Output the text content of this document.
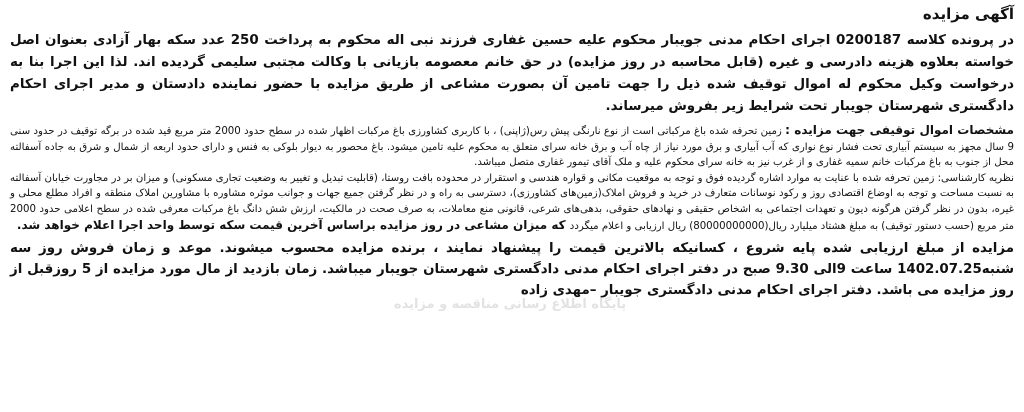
آگهی مزایده

در پرونده کلاسه 0200187 اجرای احکام مدنی جویبار محکوم علیه حسین غفاری فرزند نبی اله محکوم به پرداخت 250 عدد سکه بهار آزادی بعنوان اصل خواسته بعلاوه هزینه دادرسی و غیره (قابل محاسبه در روز مزایده) در حق خانم معصومه بازیانی با وکالت مجتبی سلیمی گردیده اند. لذا این اجرا بنا به درخواست وکیل محکوم له اموال توقیف شده ذیل را جهت تامین آن بصورت مشاعی از طریق مزایده با حضور نماینده دادستان و مدیر اجرای احکام دادگستری شهرستان جویبار تحت شرایط زیر بفروش میرساند.

مشخصات اموال توقیفی جهت مزایده : زمین تحرفه شده باغ مرکباتی است از نوع نارنگی پیش رس(ژاپنی) ، با کاربری کشاورزی باغ مرکبات اظهار شده در سطح حدود 2000 متر مربع قید شده در برگه توقیف در حدود سنی 9 سال مجهز به سیستم آبیاری تحت فشار نوع نواری که آب آبیاری و برق مورد نیاز از چاه آب و برق خانه سرای متعلق به محکوم علیه تامین میشود. باغ محصور به دیوار بلوکی به فنس و دارای حدود اربعه از شمال و شرق به جاده آسفالته محل از جنوب به باغ مرکبات خانم سمیه غفاری و از غرب نیز به خانه سرای محکوم علیه و ملک آقای تیمور غفاری متصل میباشد.

نظریه کارشناسی: زمین تحرفه شده با عنایت به موارد اشاره گردیده فوق و توجه به موقعیت مکانی و قواره هندسی و استقرار در محدوده بافت روستا، (قابلیت تبدیل و تغییر به وضعیت تجاری مسکونی) و میزان بر در مجاورت خیابان آسفالته به نسبت مساحت و توجه به اوضاع اقتصادی روز و رکود نوسانات متعارف در خرید و فروش املاک(زمین‌های کشاورزی)، دسترسی به راه و در نظر گرفتن جمیع جهات و جوانب موثره مشاوره با مشاورین املاک منطقه و افراد مطلع محلی و غیره، بدون در نظر گرفتن هرگونه دیون و تعهدات اجتماعی به اشخاص حقیقی و نهادهای حقوقی، بدهی‌های شرعی، قانونی منع معاملات، به صرف صحت در مالکیت، ارزش شش دانگ باغ مرکبات معرفی شده در سطح اعلامی حدود 2000 متر مربع (حسب دستور توقیف) به مبلغ هشتاد میلیارد ریال(80000000000) ریال ارزیابی و اعلام میگردد که میزان مشاعی در روز مزایده براساس آخرین قیمت سکه توسط واحد اجرا اعلام خواهد شد.

مزایده از مبلغ ارزیابی شده پایه شروع ، کسانیکه بالاترین قیمت را پیشنهاد نمایند ، برنده مزایده محسوب میشوند. موعد و زمان فروش روز سه شنبه1402.07.25 ساعت 9الی 9.30 صبح در دفتر اجرای احکام مدنی دادگستری شهرستان جویبار میباشد. زمان بازدید از مال مورد مزایده از 5 روزقبل از روز مزایده می باشد. دفتر اجرای احکام مدنی دادگستری جویبار –مهدی زاده

پایگاه اطلاع رسانی مناقصه و مزایده
